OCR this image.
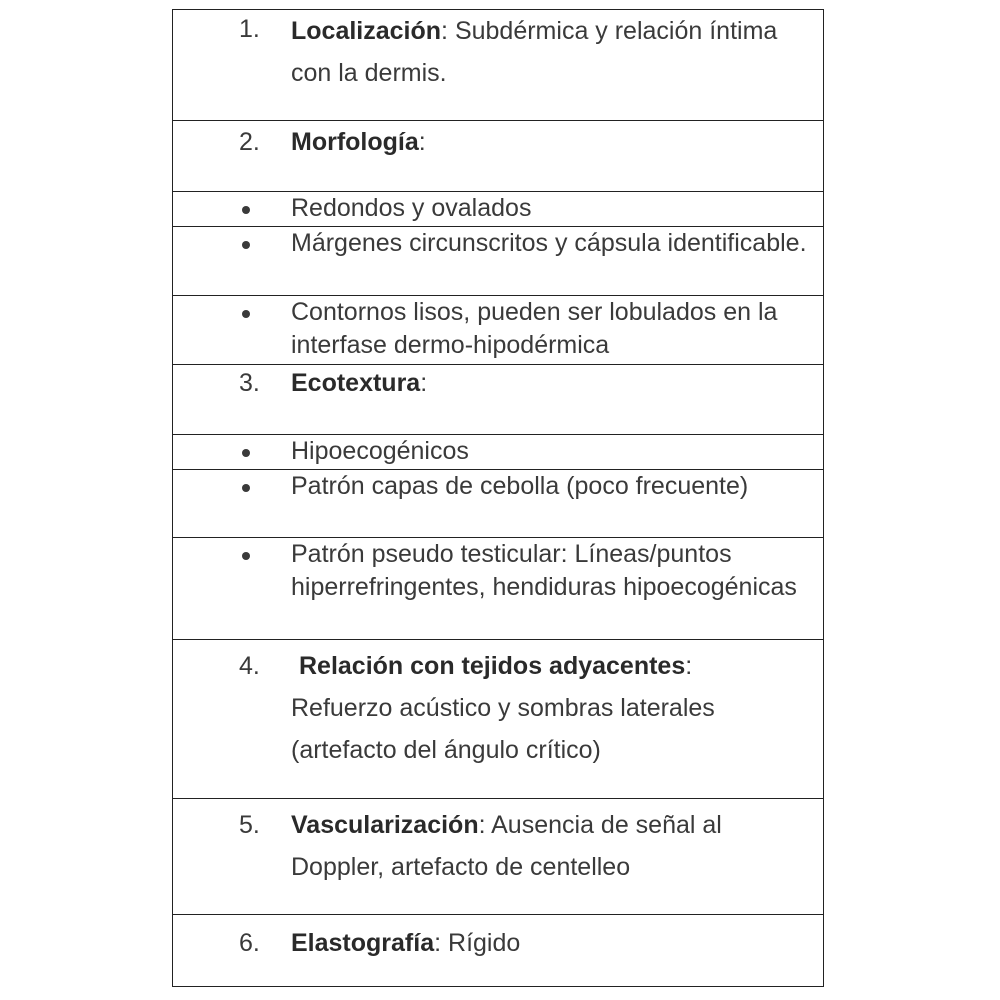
1. Localización: Subdérmica y relación íntima con la dermis.
2. Morfología:
Redondos y ovalados
Márgenes circunscritos y cápsula identificable.
Contornos lisos, pueden ser lobulados en la interfase dermo-hipodérmica
3. Ecotextura:
Hipoecogénicos
Patrón capas de cebolla (poco frecuente)
Patrón pseudo testicular: Líneas/puntos hiperrefringentes, hendiduras hipoecogénicas
4.	Relación con tejidos adyacentes:
Refuerzo acústico y sombras laterales (artefacto del ángulo crítico)
5. Vascularización: Ausencia de señal al Doppler, artefacto de centelleo
6. Elastografía: Rígido
